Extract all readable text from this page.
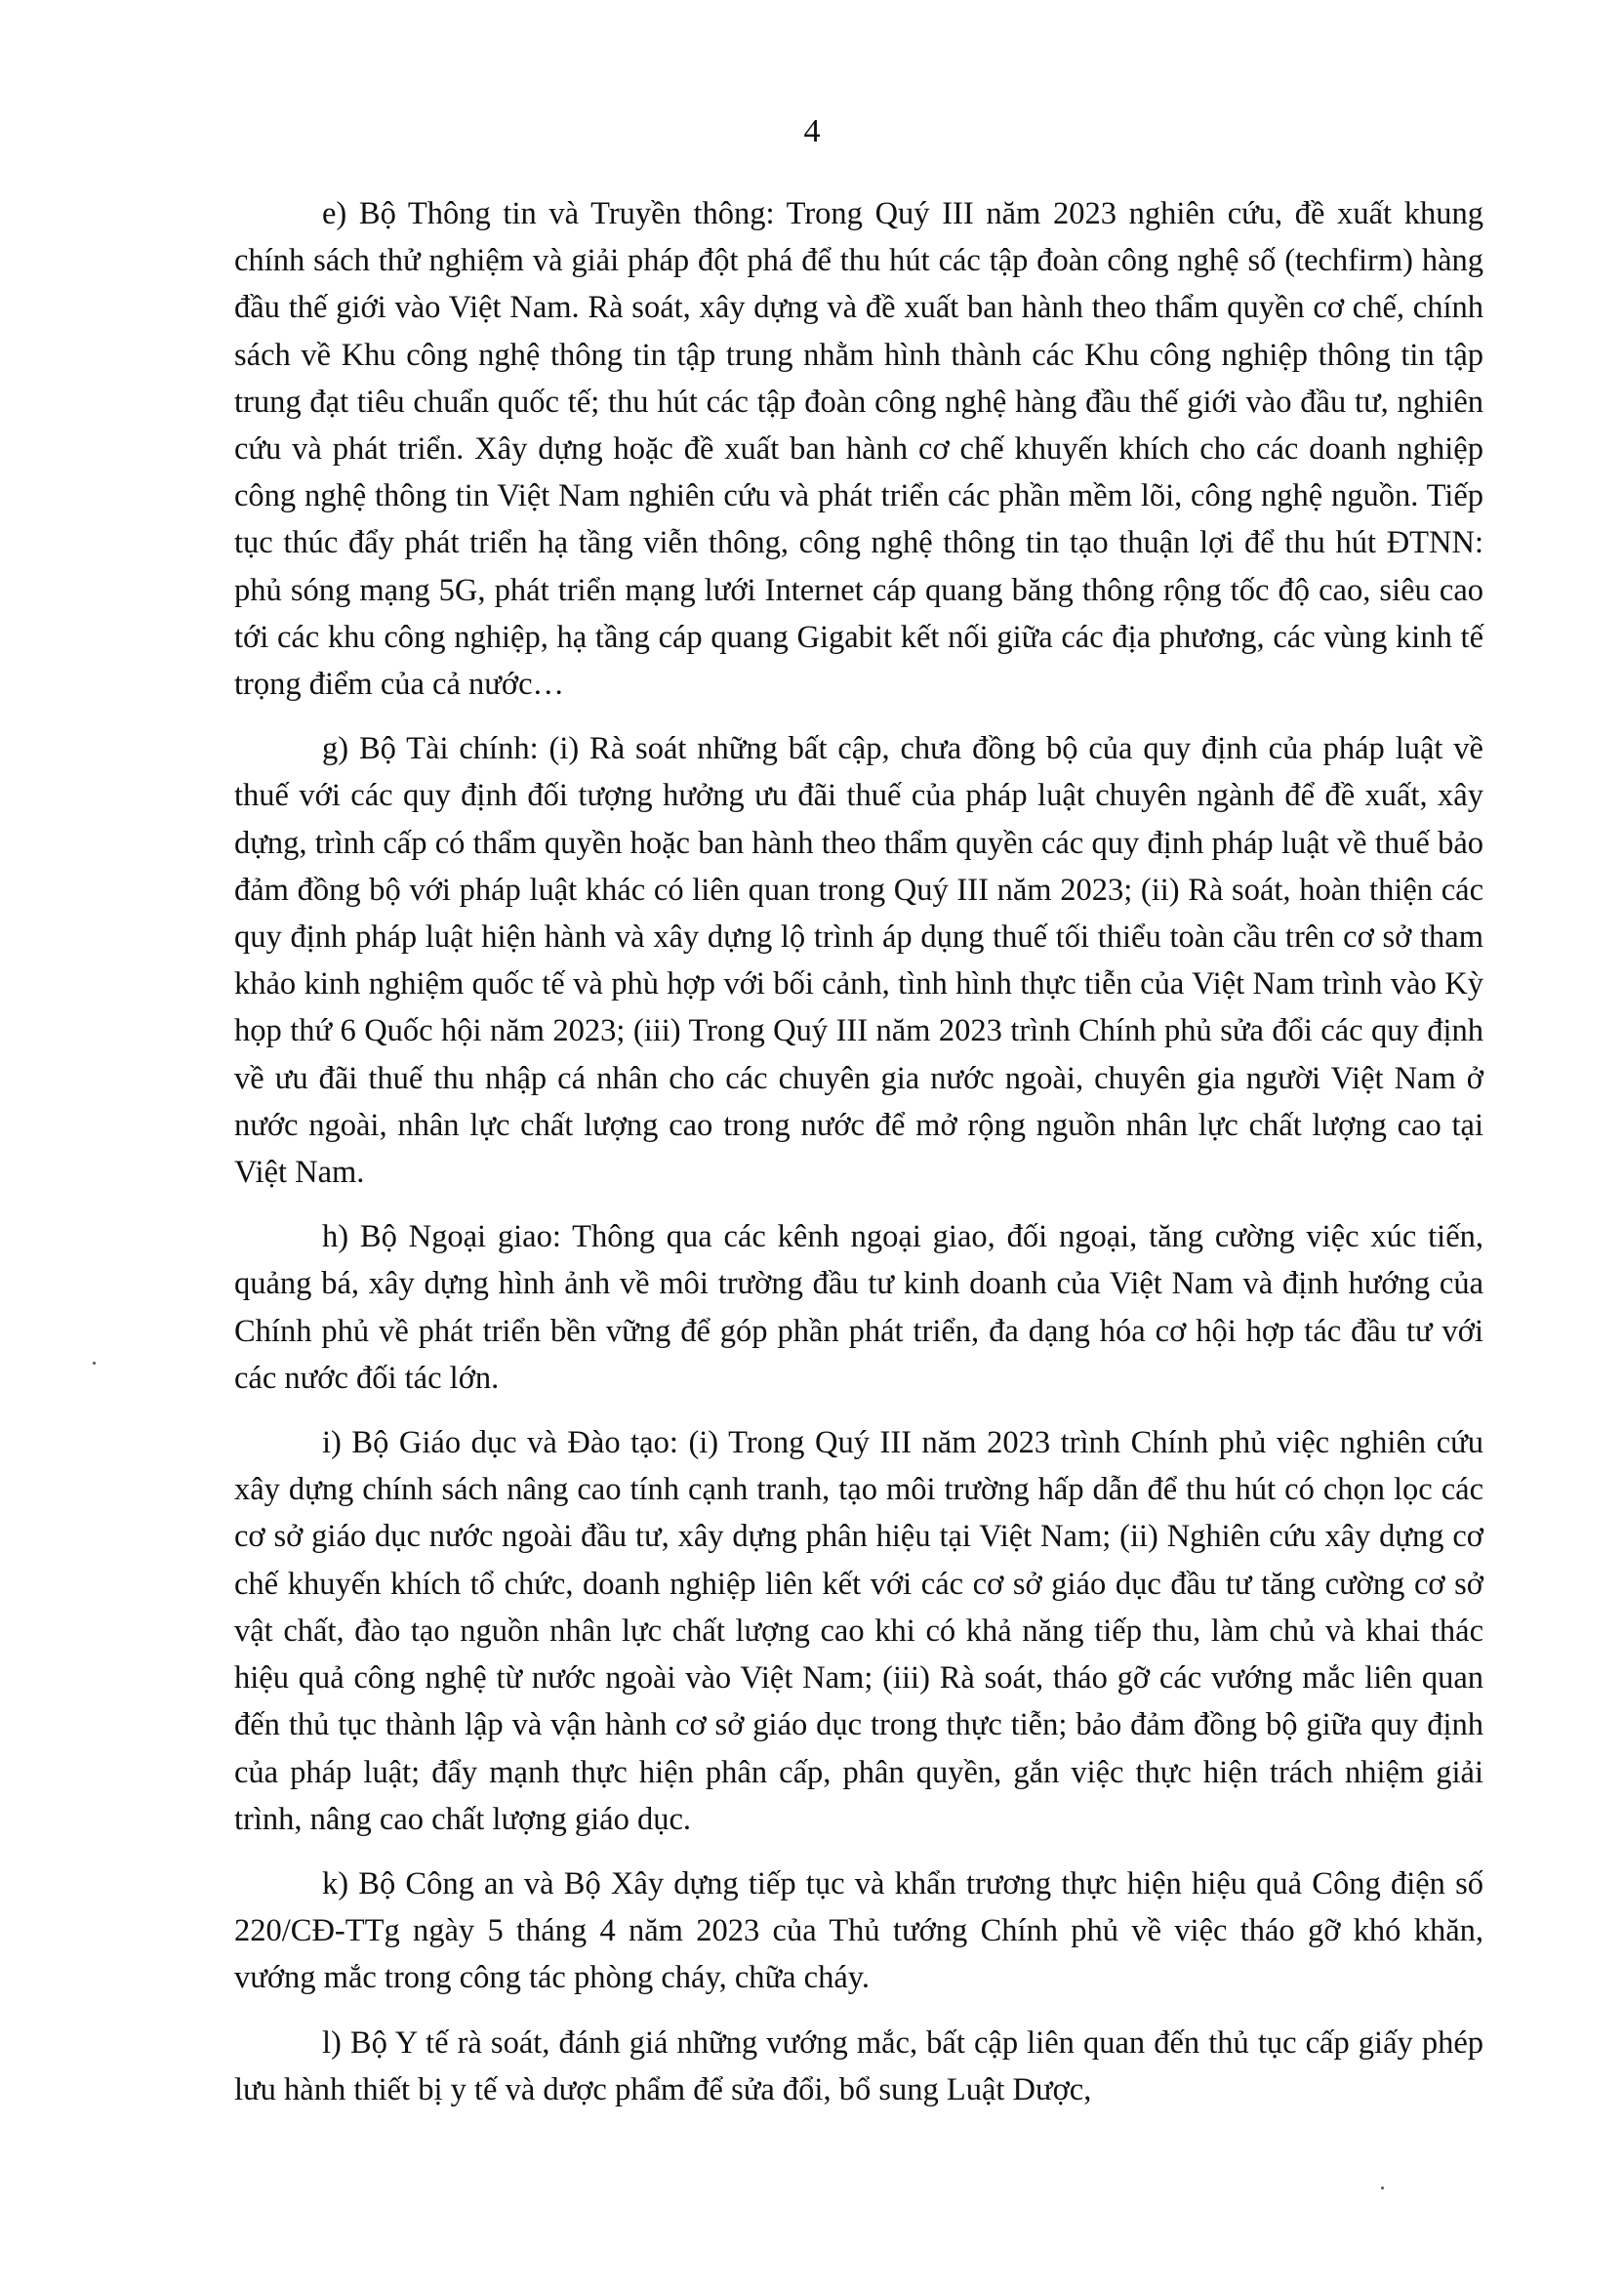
4

e) Bộ Thông tin và Truyền thông: Trong Quý III năm 2023 nghiên cứu, đề xuất khung chính sách thử nghiệm và giải pháp đột phá để thu hút các tập đoàn công nghệ số (techfirm) hàng đầu thế giới vào Việt Nam. Rà soát, xây dựng và đề xuất ban hành theo thẩm quyền cơ chế, chính sách về Khu công nghệ thông tin tập trung nhằm hình thành các Khu công nghiệp thông tin tập trung đạt tiêu chuẩn quốc tế; thu hút các tập đoàn công nghệ hàng đầu thế giới vào đầu tư, nghiên cứu và phát triển. Xây dựng hoặc đề xuất ban hành cơ chế khuyến khích cho các doanh nghiệp công nghệ thông tin Việt Nam nghiên cứu và phát triển các phần mềm lõi, công nghệ nguồn. Tiếp tục thúc đẩy phát triển hạ tầng viễn thông, công nghệ thông tin tạo thuận lợi để thu hút ĐTNN: phủ sóng mạng 5G, phát triển mạng lưới Internet cáp quang băng thông rộng tốc độ cao, siêu cao tới các khu công nghiệp, hạ tầng cáp quang Gigabit kết nối giữa các địa phương, các vùng kinh tế trọng điểm của cả nước…

g) Bộ Tài chính: (i) Rà soát những bất cập, chưa đồng bộ của quy định của pháp luật về thuế với các quy định đối tượng hưởng ưu đãi thuế của pháp luật chuyên ngành để đề xuất, xây dựng, trình cấp có thẩm quyền hoặc ban hành theo thẩm quyền các quy định pháp luật về thuế bảo đảm đồng bộ với pháp luật khác có liên quan trong Quý III năm 2023; (ii) Rà soát, hoàn thiện các quy định pháp luật hiện hành và xây dựng lộ trình áp dụng thuế tối thiểu toàn cầu trên cơ sở tham khảo kinh nghiệm quốc tế và phù hợp với bối cảnh, tình hình thực tiễn của Việt Nam trình vào Kỳ họp thứ 6 Quốc hội năm 2023; (iii) Trong Quý III năm 2023 trình Chính phủ sửa đổi các quy định về ưu đãi thuế thu nhập cá nhân cho các chuyên gia nước ngoài, chuyên gia người Việt Nam ở nước ngoài, nhân lực chất lượng cao trong nước để mở rộng nguồn nhân lực chất lượng cao tại Việt Nam.

h) Bộ Ngoại giao: Thông qua các kênh ngoại giao, đối ngoại, tăng cường việc xúc tiến, quảng bá, xây dựng hình ảnh về môi trường đầu tư kinh doanh của Việt Nam và định hướng của Chính phủ về phát triển bền vững để góp phần phát triển, đa dạng hóa cơ hội hợp tác đầu tư với các nước đối tác lớn.

i) Bộ Giáo dục và Đào tạo: (i) Trong Quý III năm 2023 trình Chính phủ việc nghiên cứu xây dựng chính sách nâng cao tính cạnh tranh, tạo môi trường hấp dẫn để thu hút có chọn lọc các cơ sở giáo dục nước ngoài đầu tư, xây dựng phân hiệu tại Việt Nam; (ii) Nghiên cứu xây dựng cơ chế khuyến khích tổ chức, doanh nghiệp liên kết với các cơ sở giáo dục đầu tư tăng cường cơ sở vật chất, đào tạo nguồn nhân lực chất lượng cao khi có khả năng tiếp thu, làm chủ và khai thác hiệu quả công nghệ từ nước ngoài vào Việt Nam; (iii) Rà soát, tháo gỡ các vướng mắc liên quan đến thủ tục thành lập và vận hành cơ sở giáo dục trong thực tiễn; bảo đảm đồng bộ giữa quy định của pháp luật; đẩy mạnh thực hiện phân cấp, phân quyền, gắn việc thực hiện trách nhiệm giải trình, nâng cao chất lượng giáo dục.

k) Bộ Công an và Bộ Xây dựng tiếp tục và khẩn trương thực hiện hiệu quả Công điện số 220/CĐ-TTg ngày 5 tháng 4 năm 2023 của Thủ tướng Chính phủ về việc tháo gỡ khó khăn, vướng mắc trong công tác phòng cháy, chữa cháy.

l) Bộ Y tế rà soát, đánh giá những vướng mắc, bất cập liên quan đến thủ tục cấp giấy phép lưu hành thiết bị y tế và dược phẩm để sửa đổi, bổ sung Luật Dược,
